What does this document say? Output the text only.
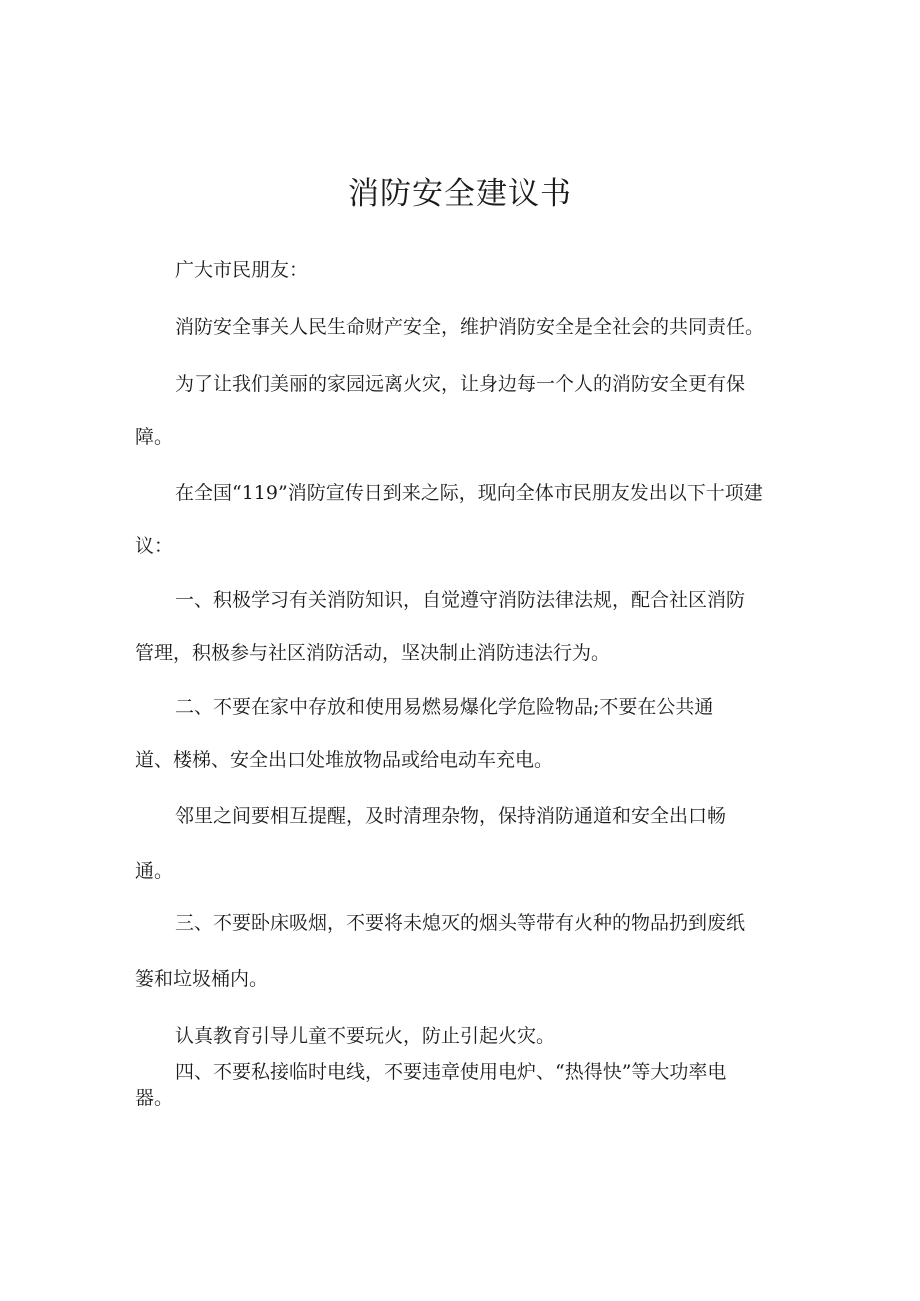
消防安全建议书

广大市民朋友：

消防安全事关人民生命财产安全，维护消防安全是全社会的共同责任。

为了让我们美丽的家园远离火灾，让身边每一个人的消防安全更有保

障。

在全国“119”消防宣传日到来之际，现向全体市民朋友发出以下十项建

议：

一、积极学习有关消防知识，自觉遵守消防法律法规，配合社区消防

管理，积极参与社区消防活动，坚决制止消防违法行为。

二、不要在家中存放和使用易燃易爆化学危险物品;不要在公共通

道、楼梯、安全出口处堆放物品或给电动车充电。

邻里之间要相互提醒，及时清理杂物，保持消防通道和安全出口畅

通。

三、不要卧床吸烟，不要将未熄灭的烟头等带有火种的物品扔到废纸

篓和垃圾桶内。

认真教育引导儿童不要玩火，防止引起火灾。

四、不要私接临时电线，不要违章使用电炉、“热得快”等大功率电

器。
